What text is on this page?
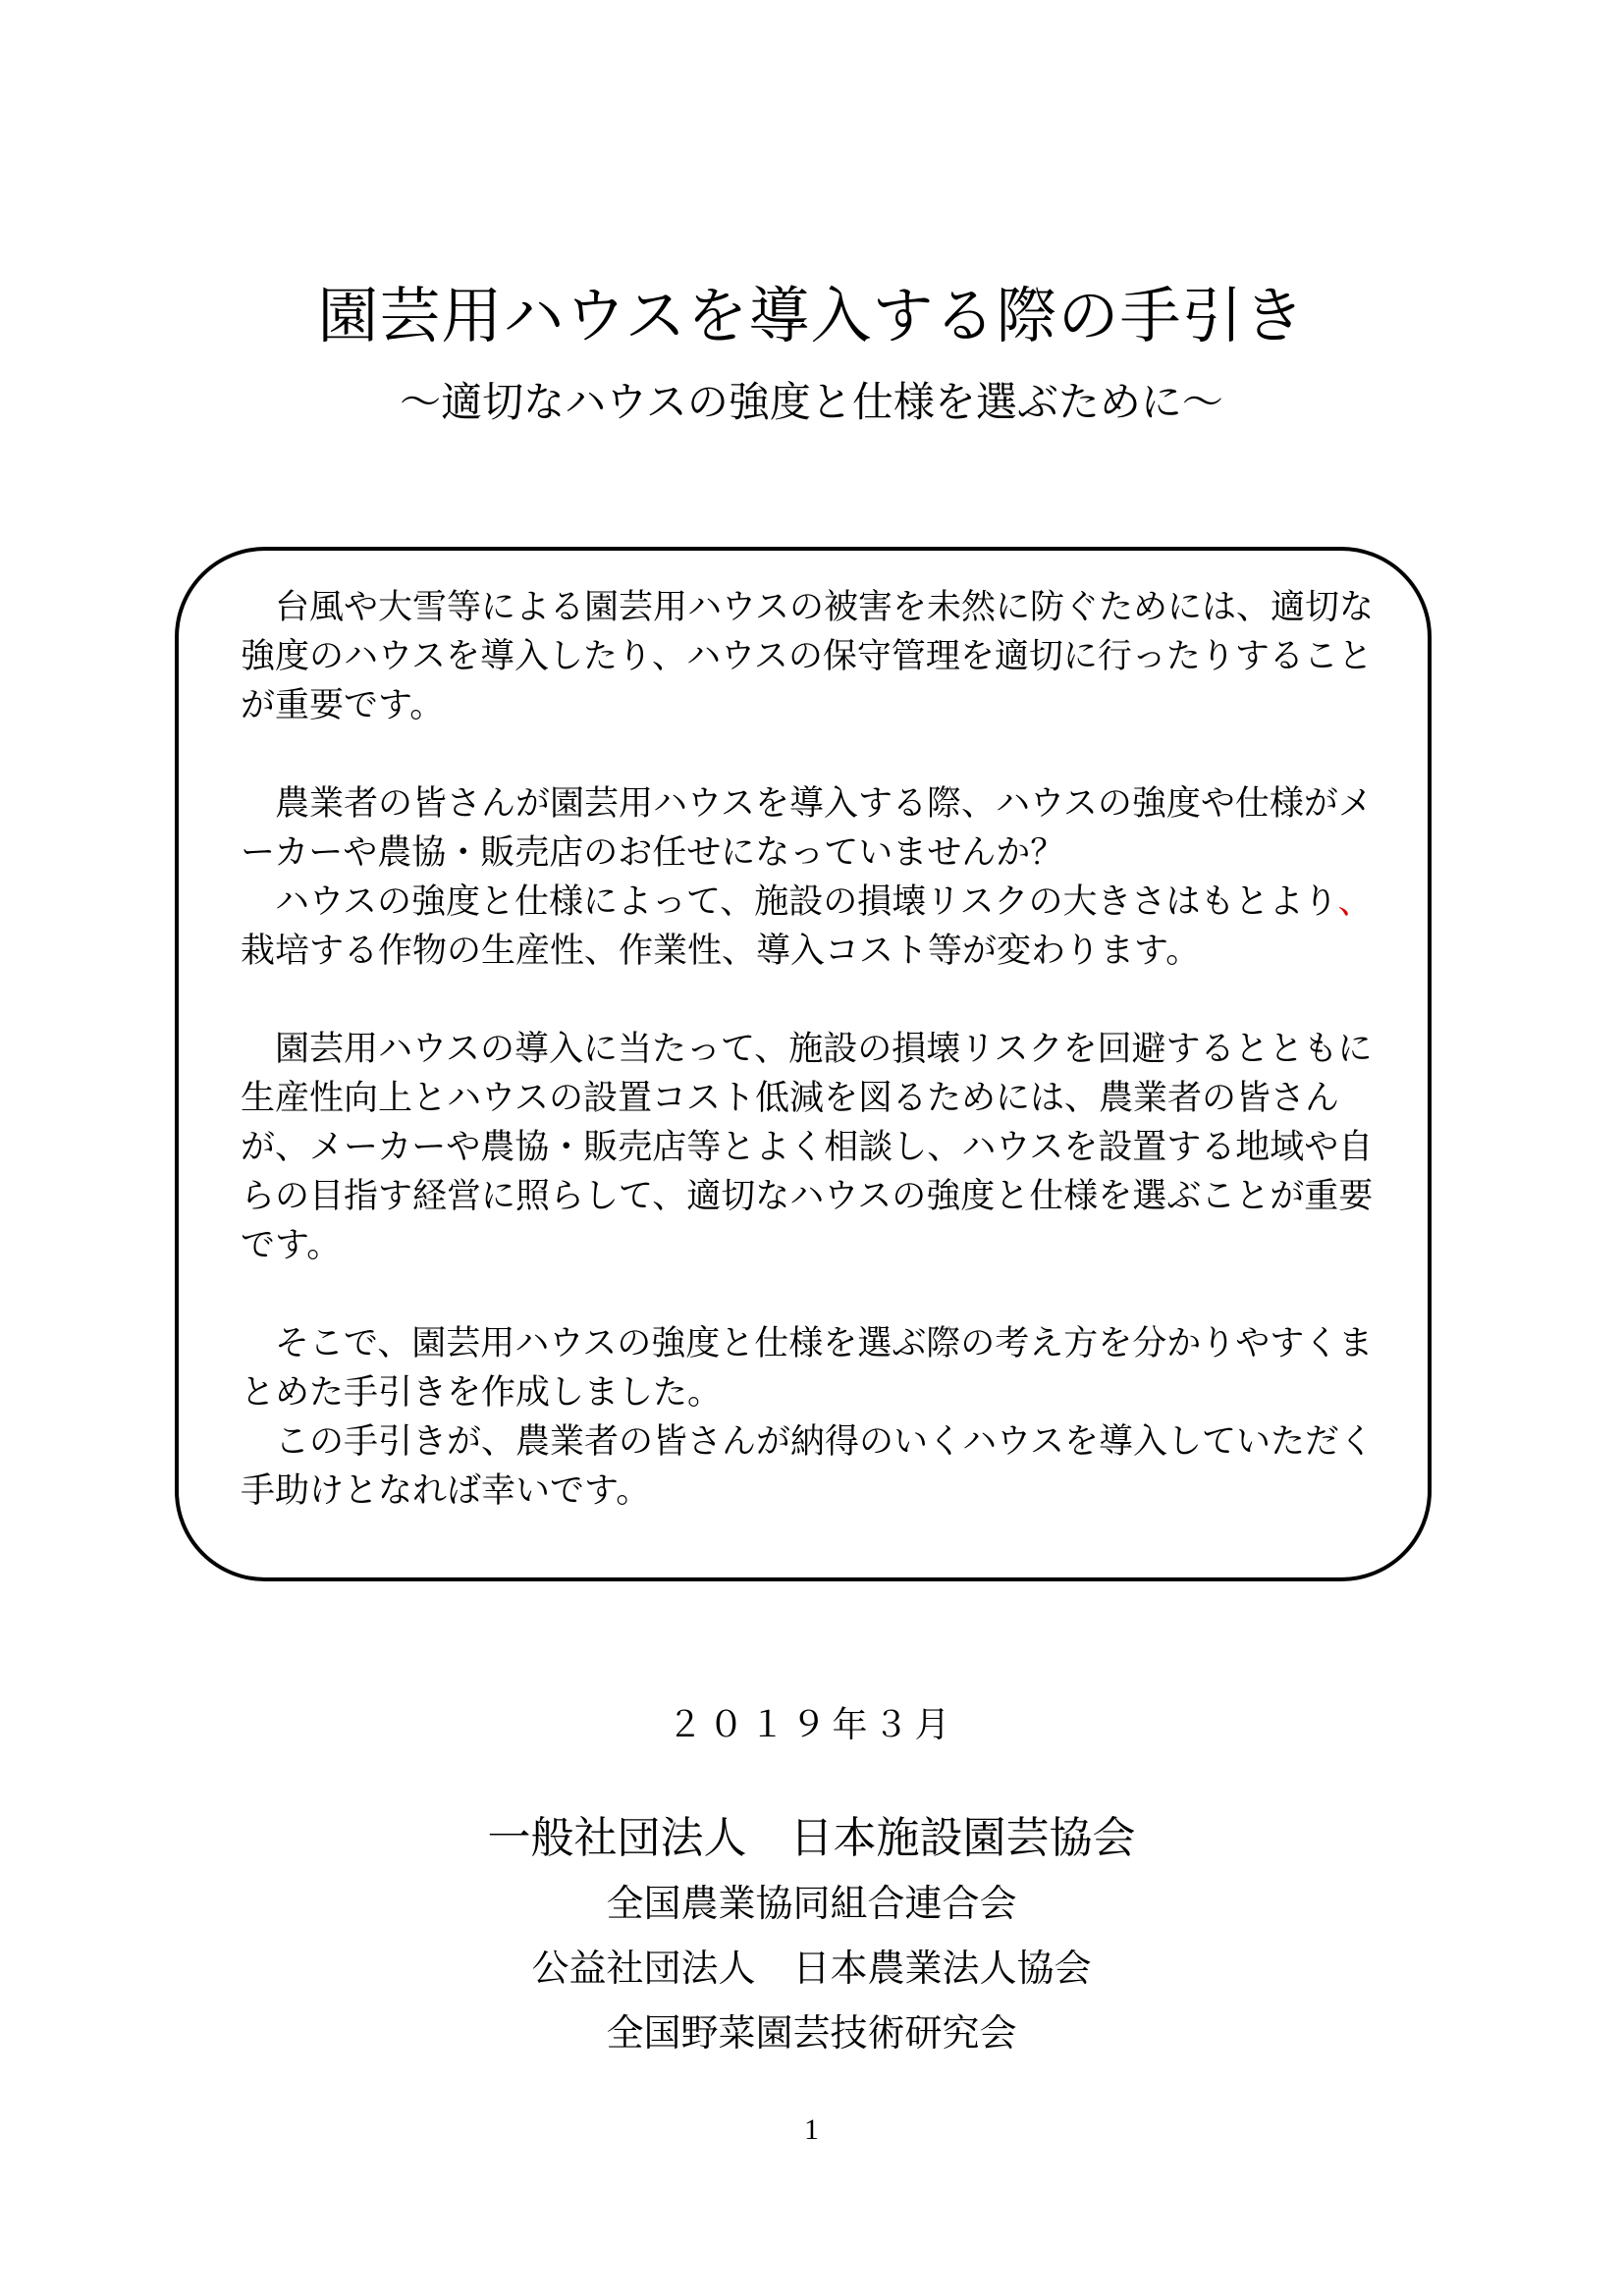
園芸用ハウスを導入する際の手引き
～適切なハウスの強度と仕様を選ぶために～

台風や大雪等による園芸用ハウスの被害を未然に防ぐためには、適切な強度のハウスを導入したり、ハウスの保守管理を適切に行ったりすることが重要です。

農業者の皆さんが園芸用ハウスを導入する際、ハウスの強度や仕様がメーカーや農協・販売店のお任せになっていませんか？

ハウスの強度と仕様によって、施設の損壊リスクの大きさはもとより、栽培する作物の生産性、作業性、導入コスト等が変わります。

園芸用ハウスの導入に当たって、施設の損壊リスクを回避するとともに生産性向上とハウスの設置コスト低減を図るためには、農業者の皆さんが、メーカーや農協・販売店等とよく相談し、ハウスを設置する地域や自らの目指す経営に照らして、適切なハウスの強度と仕様を選ぶことが重要です。

そこで、園芸用ハウスの強度と仕様を選ぶ際の考え方を分かりやすくまとめた手引きを作成しました。

この手引きが、農業者の皆さんが納得のいくハウスを導入していただく手助けとなれば幸いです。

２０１９年３月
一般社団法人　日本施設園芸協会
全国農業協同組合連合会
公益社団法人　日本農業法人協会
全国野菜園芸技術研究会
1
